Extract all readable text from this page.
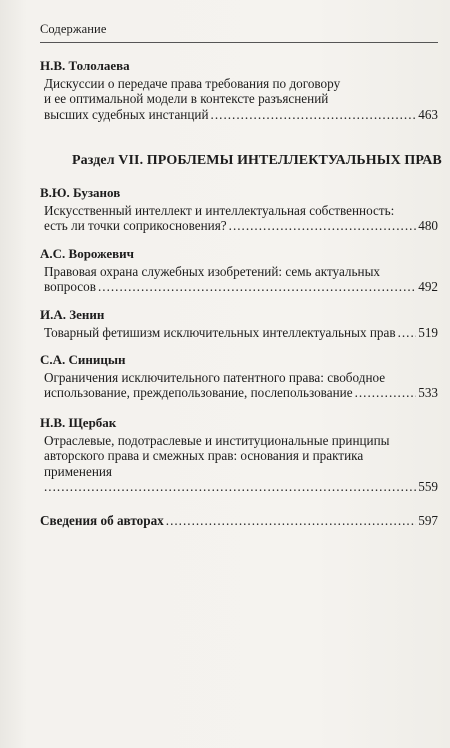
Содержание
Н.В. Тололаева
Дискуссии о передаче права требования по договору
и ее оптимальной модели в контексте разъяснений
высших судебных инстанций .....	463
Раздел VII. ПРОБЛЕМЫ ИНТЕЛЛЕКТУАЛЬНЫХ ПРАВ
В.Ю. Бузанов
Искусственный интеллект и интеллектуальная собственность:
есть ли точки соприкосновения? .....	480
А.С. Ворожевич
Правовая охрана служебных изобретений: семь актуальных
вопросов .....	492
И.А. Зенин
Товарный фетишизм исключительных интеллектуальных прав ..... 519
С.А. Синицын
Ограничения исключительного патентного права: свободное
использование, преждепользование, послепользование .....	533
Н.В. Щербак
Отраслевые, подотраслевые и институциональные принципы
авторского права и смежных прав: основания и практика
применения
.....
559
Сведения об авторах .....	597
